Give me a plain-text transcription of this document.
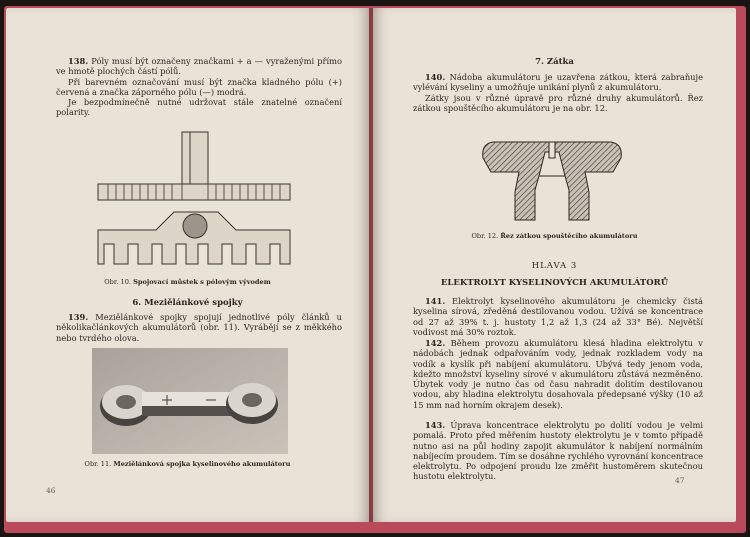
138. Póly musí být označeny značkami + a — vyraženými přímo ve hmotě plochých částí pólů.

Při barevném označování musí být značka kladného pólu (+) červená a značka záporného pólu (—) modrá.

Je bezpodmínečně nutné udržovat stále znatelné označení polarity.

Obr. 10. Spojovací můstek s pólovým vývodem
6. Meziělánkové spojky

139. Meziělánkové spojky spojují jednotlivé póly článků u několikačlánkových akumulátorů (obr. 11). Vyrábějí se z měkkého nebo tvrdého olova.

Obr. 11. Meziělánková spojka kyselinového akumulátoru
46
7. Zátka

140. Nádoba akumulátoru je uzavřena zátkou, která zabraňuje vylévání kyseliny a umožňuje unikání plynů z akumulátoru.

Zátky jsou v různé úpravě pro různé druhy akumulátorů. Řez zátkou spouštěcího akumulátoru je na obr. 12.

Obr. 12. Řez zátkou spouštěcího akumulátoru
HLAVA 3
ELEKTROLYT KYSELINOVÝCH AKUMULÁTORŮ

141. Elektrolyt kyselinového akumulátoru je chemicky čistá kyselina sírová, zředěná destilovanou vodou. Užívá se koncentrace od 27 až 39% t. j. hustoty 1,2 až 1,3 (24 až 33° Bé). Největší vodivost má 30% roztok.

142. Během provozu akumulátoru klesá hladina elektrolytu v nádobách jednak odpařováním vody, jednak rozkladem vody na vodík a kyslík při nabíjení akumulátoru. Ubývá tedy jenom voda, kdežto množství kyseliny sírové v akumulátoru zůstává nezměněno. Úbytek vody je nutno čas od času nahradit dolitím destilovanou vodou, aby hladina elektrolytu dosahovala předepsané výšky (10 až 15 mm nad horním okrajem desek).

143. Úprava koncentrace elektrolytu po dolití vodou je velmi pomalá. Proto před měřením hustoty elektrolytu je v tomto případě nutno asi na půl hodiny zapojit akumulátor k nabíjení normálním nabíjecím proudem. Tím se dosáhne rychlého vyrovnání koncentrace elektrolytu. Po odpojení proudu lze změřit hustoměrem skutečnou hustotu elektrolytu.	47
